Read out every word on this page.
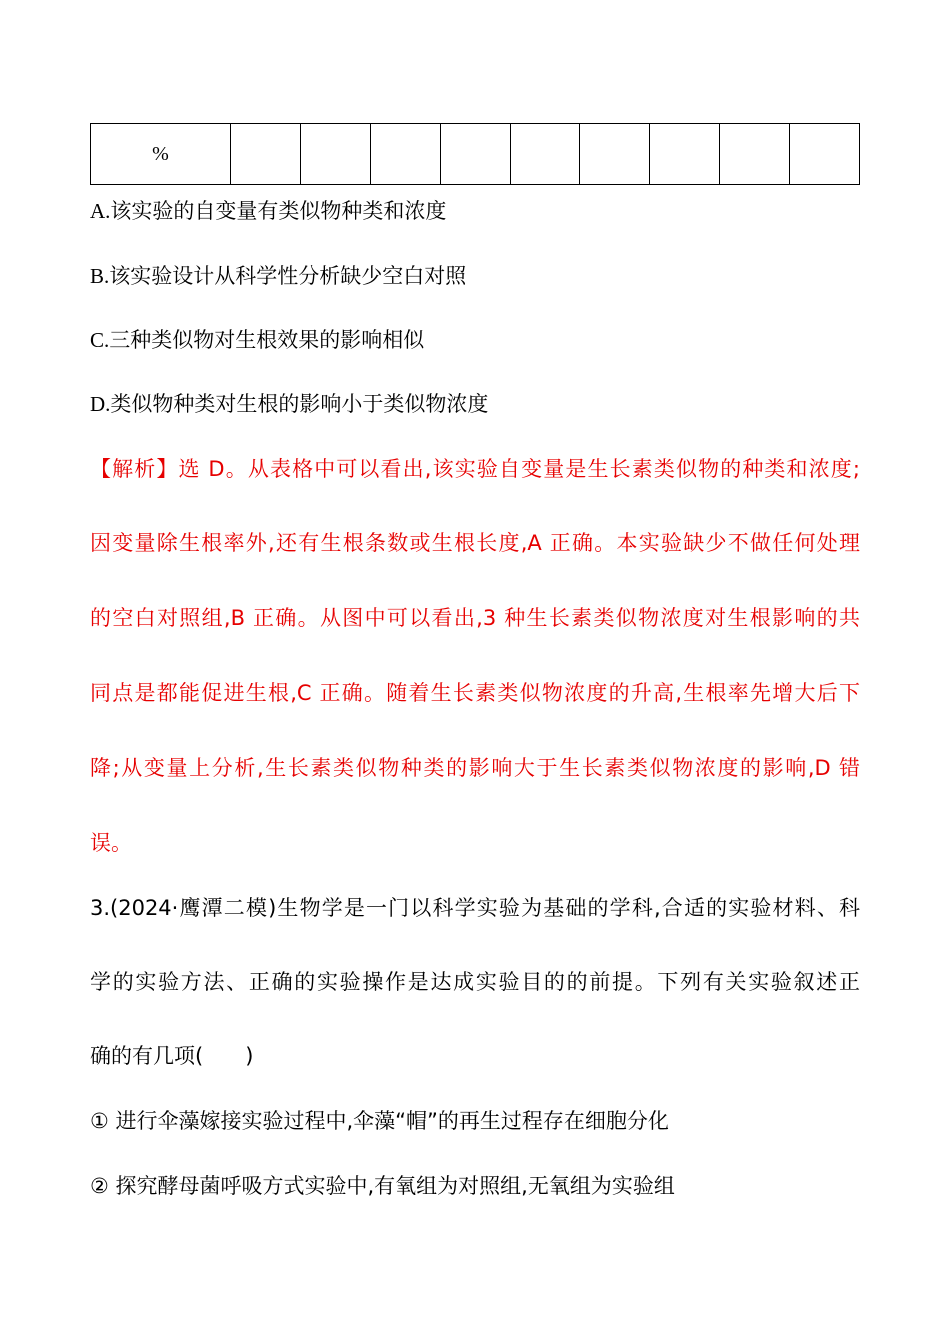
%									
A.该实验的自变量有类似物种类和浓度
B.该实验设计从科学性分析缺少空白对照
C.三种类似物对生根效果的影响相似
D.类似物种类对生根的影响小于类似物浓度
【解析】选 D。从表格中可以看出,该实验自变量是生长素类似物的种类和浓度;
因变量除生根率外,还有生根条数或生根长度,A 正确。本实验缺少不做任何处理
的空白对照组,B 正确。从图中可以看出,3 种生长素类似物浓度对生根影响的共
同点是都能促进生根,C 正确。随着生长素类似物浓度的升高,生根率先增大后下
降;从变量上分析,生长素类似物种类的影响大于生长素类似物浓度的影响,D 错
误。
3.(2024·鹰潭二模)生物学是一门以科学实验为基础的学科,合适的实验材料、科
学的实验方法、正确的实验操作是达成实验目的的前提。下列有关实验叙述正
确的有几项(　　)
① 进行伞藻嫁接实验过程中,伞藻“帽”的再生过程存在细胞分化
② 探究酵母菌呼吸方式实验中,有氧组为对照组,无氧组为实验组
